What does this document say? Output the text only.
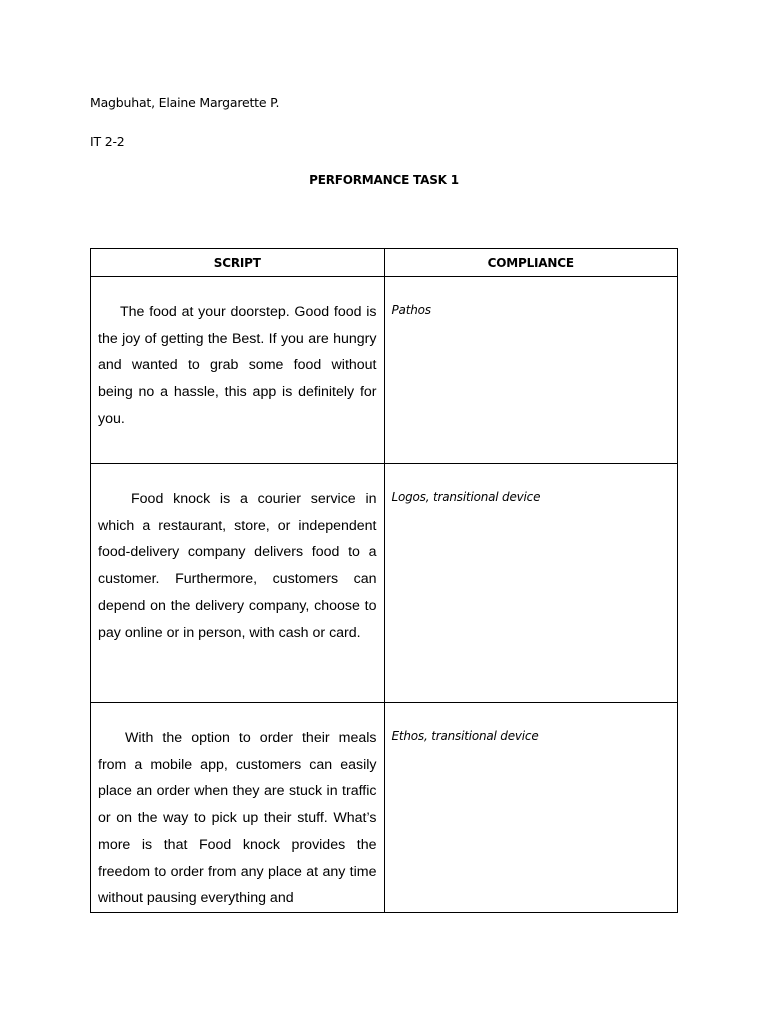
Magbuhat, Elaine Margarette P.
IT 2-2
PERFORMANCE TASK 1
SCRIPT	COMPLIANCE
The food at your doorstep. Good food is the joy of getting the Best. If you are hungry and wanted to grab some food without being no a hassle, this app is definitely for you.	Pathos
Food knock is a courier service in which a restaurant, store, or independent food-delivery company delivers food to a customer. Furthermore, customers can depend on the delivery company, choose to pay online or in person, with cash or card.	Logos, transitional device
With the option to order their meals from a mobile app, customers can easily place an order when they are stuck in traffic or on the way to pick up their stuff. What’s more is that Food knock provides the freedom to order from any place at any time without pausing everything and	Ethos, transitional device
